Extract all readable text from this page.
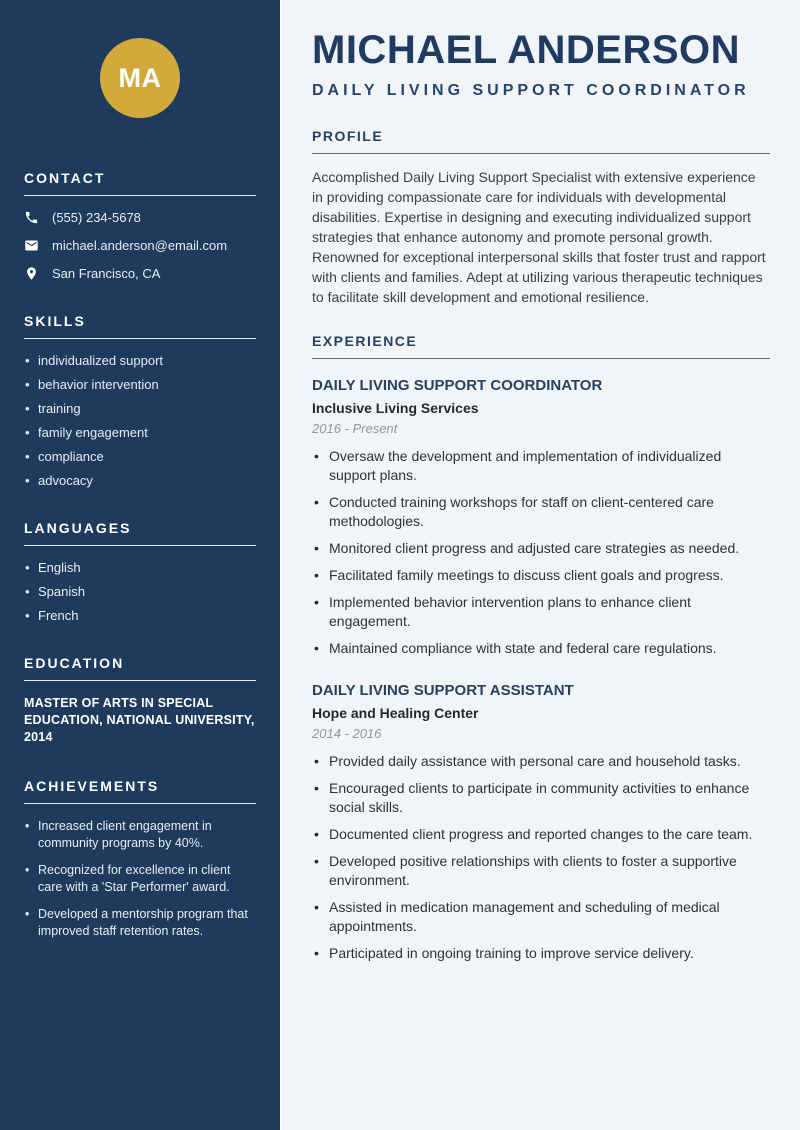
MA
CONTACT
(555) 234-5678
michael.anderson@email.com
San Francisco, CA
SKILLS
• individualized support
• behavior intervention
• training
• family engagement
• compliance
• advocacy
LANGUAGES
• English
• Spanish
• French
EDUCATION
MASTER OF ARTS IN SPECIAL EDUCATION, NATIONAL UNIVERSITY, 2014
ACHIEVEMENTS
• Increased client engagement in community programs by 40%.
• Recognized for excellence in client care with a 'Star Performer' award.
• Developed a mentorship program that improved staff retention rates.
MICHAEL ANDERSON
DAILY LIVING SUPPORT COORDINATOR
PROFILE

Accomplished Daily Living Support Specialist with extensive experience in providing compassionate care for individuals with developmental disabilities. Expertise in designing and executing individualized support strategies that enhance autonomy and promote personal growth. Renowned for exceptional interpersonal skills that foster trust and rapport with clients and families. Adept at utilizing various therapeutic techniques to facilitate skill development and emotional resilience.

EXPERIENCE
DAILY LIVING SUPPORT COORDINATOR
Inclusive Living Services
2016 - Present
• Oversaw the development and implementation of individualized support plans.
• Conducted training workshops for staff on client-centered care methodologies.
• Monitored client progress and adjusted care strategies as needed.
• Facilitated family meetings to discuss client goals and progress.
• Implemented behavior intervention plans to enhance client engagement.
• Maintained compliance with state and federal care regulations.
DAILY LIVING SUPPORT ASSISTANT
Hope and Healing Center
2014 - 2016
• Provided daily assistance with personal care and household tasks.
• Encouraged clients to participate in community activities to enhance social skills.
• Documented client progress and reported changes to the care team.
• Developed positive relationships with clients to foster a supportive environment.
• Assisted in medication management and scheduling of medical appointments.
• Participated in ongoing training to improve service delivery.
